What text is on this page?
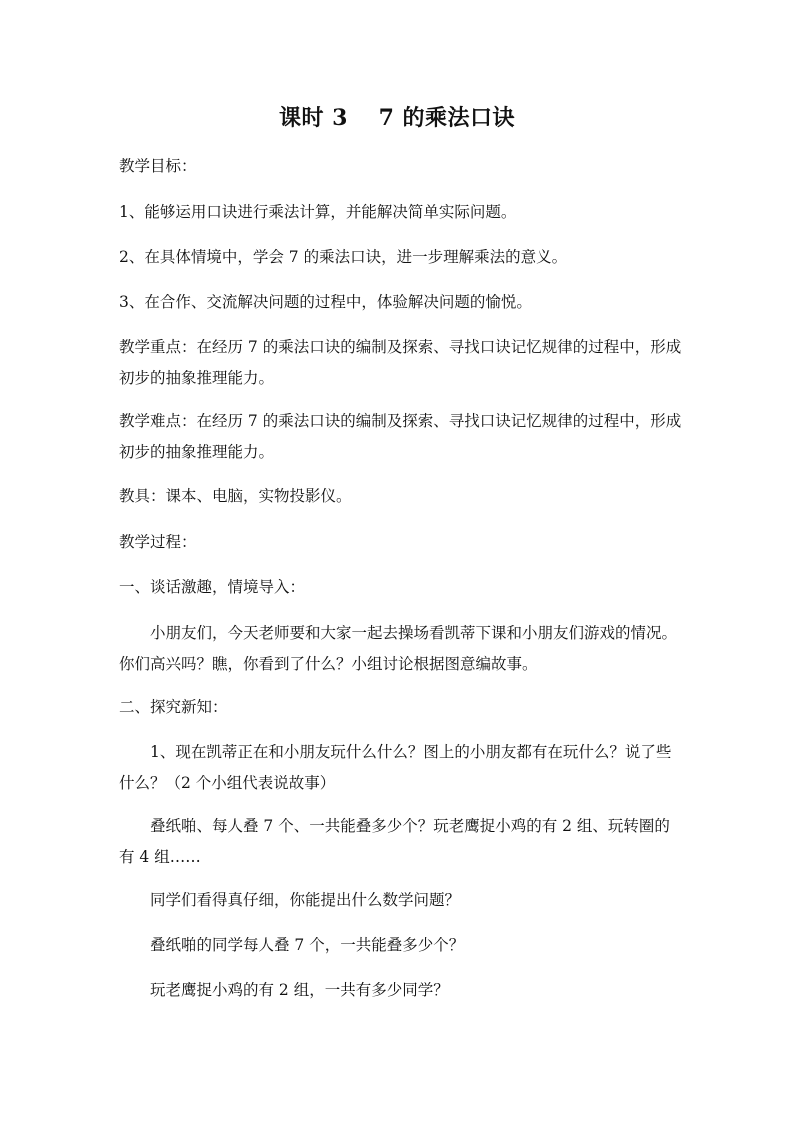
课时 3　 7 的乘法口诀

教学目标：

1、能够运用口诀进行乘法计算，并能解决简单实际问题。

2、在具体情境中，学会 7 的乘法口诀，进一步理解乘法的意义。

3、在合作、交流解决问题的过程中，体验解决问题的愉悦。

教学重点：在经历 7 的乘法口诀的编制及探索、寻找口诀记忆规律的过程中，形成初步的抽象推理能力。

教学难点：在经历 7 的乘法口诀的编制及探索、寻找口诀记忆规律的过程中，形成初步的抽象推理能力。

教具：课本、电脑，实物投影仪。

教学过程：

一、谈话激趣，情境导入：

小朋友们，今天老师要和大家一起去操场看凯蒂下课和小朋友们游戏的情况。你们高兴吗？瞧，你看到了什么？小组讨论根据图意编故事。

二、探究新知：

1、现在凯蒂正在和小朋友玩什么什么？图上的小朋友都有在玩什么？说了些什么？（2 个小组代表说故事）

叠纸啪、每人叠 7 个、一共能叠多少个？玩老鹰捉小鸡的有 2 组、玩转圈的有 4 组……

同学们看得真仔细，你能提出什么数学问题？

叠纸啪的同学每人叠 7 个，一共能叠多少个？

玩老鹰捉小鸡的有 2 组，一共有多少同学？
